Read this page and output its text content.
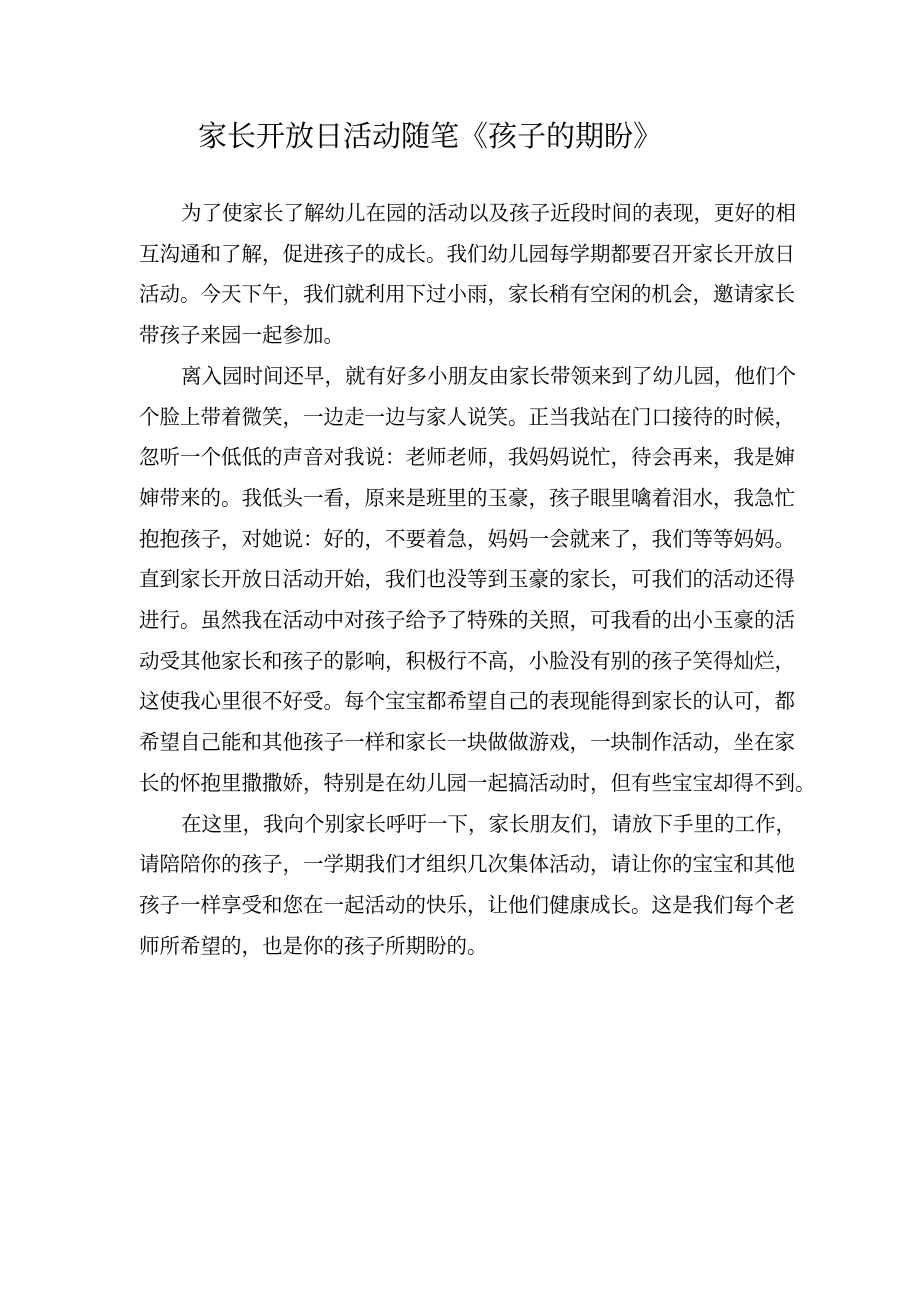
家长开放日活动随笔《孩子的期盼》
为了使家长了解幼儿在园的活动以及孩子近段时间的表现，更好的相
互沟通和了解，促进孩子的成长。我们幼儿园每学期都要召开家长开放日
活动。今天下午，我们就利用下过小雨，家长稍有空闲的机会，邀请家长
带孩子来园一起参加。
离入园时间还早，就有好多小朋友由家长带领来到了幼儿园，他们个
个脸上带着微笑，一边走一边与家人说笑。正当我站在门口接待的时候，
忽听一个低低的声音对我说：老师老师，我妈妈说忙，待会再来，我是婶
婶带来的。我低头一看，原来是班里的玉豪，孩子眼里噙着泪水，我急忙
抱抱孩子，对她说：好的，不要着急，妈妈一会就来了，我们等等妈妈。
直到家长开放日活动开始，我们也没等到玉豪的家长，可我们的活动还得
进行。虽然我在活动中对孩子给予了特殊的关照，可我看的出小玉豪的活
动受其他家长和孩子的影响，积极行不高，小脸没有别的孩子笑得灿烂，
这使我心里很不好受。每个宝宝都希望自己的表现能得到家长的认可，都
希望自己能和其他孩子一样和家长一块做做游戏，一块制作活动，坐在家
长的怀抱里撒撒娇，特别是在幼儿园一起搞活动时，但有些宝宝却得不到。
在这里，我向个别家长呼吁一下，家长朋友们，请放下手里的工作，
请陪陪你的孩子，一学期我们才组织几次集体活动，请让你的宝宝和其他
孩子一样享受和您在一起活动的快乐，让他们健康成长。这是我们每个老
师所希望的，也是你的孩子所期盼的。
